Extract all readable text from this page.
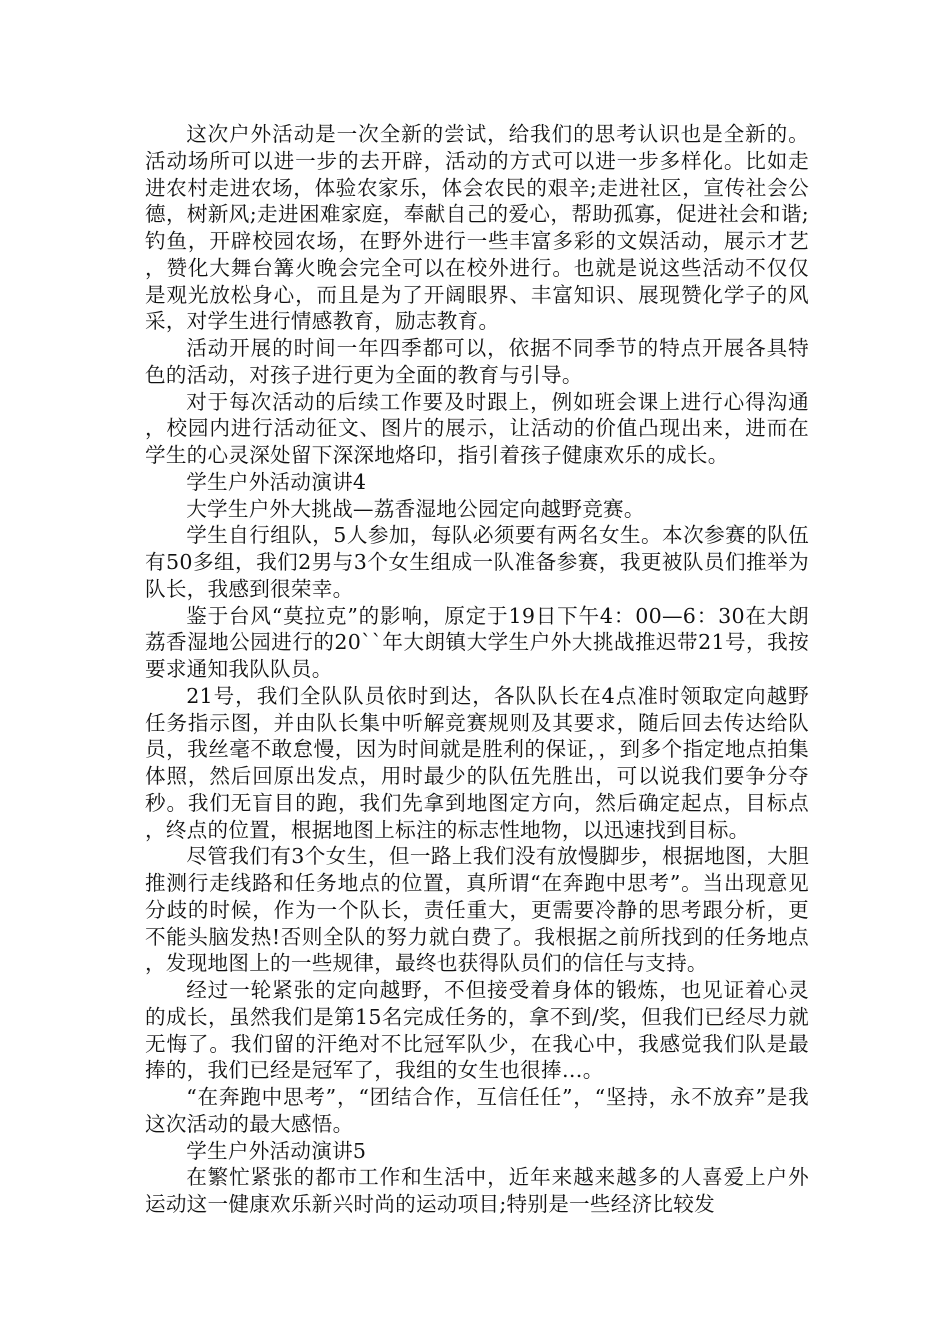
这次户外活动是一次全新的尝试，给我们的思考认识也是全新的。活动场所可以进一步的去开辟，活动的方式可以进一步多样化。比如走进农村走进农场，体验农家乐，体会农民的艰辛;走进社区，宣传社会公德，树新风;走进困难家庭，奉献自己的爱心，帮助孤寡，促进社会和谐;钓鱼，开辟校园农场，在野外进行一些丰富多彩的文娱活动，展示才艺，赞化大舞台篝火晚会完全可以在校外进行。也就是说这些活动不仅仅是观光放松身心，而且是为了开阔眼界、丰富知识、展现赞化学子的风采，对学生进行情感教育，励志教育。

活动开展的时间一年四季都可以，依据不同季节的特点开展各具特色的活动，对孩子进行更为全面的教育与引导。

对于每次活动的后续工作要及时跟上，例如班会课上进行心得沟通，校园内进行活动征文、图片的展示，让活动的价值凸现出来，进而在学生的心灵深处留下深深地烙印，指引着孩子健康欢乐的成长。

学生户外活动演讲4

大学生户外大挑战—荔香湿地公园定向越野竞赛。

学生自行组队，5人参加，每队必须要有两名女生。本次参赛的队伍有50多组，我们2男与3个女生组成一队准备参赛，我更被队员们推举为队长，我感到很荣幸。

鉴于台风“莫拉克”的影响，原定于19日下午4：00—6：30在大朗荔香湿地公园进行的20``年大朗镇大学生户外大挑战推迟带21号，我按要求通知我队队员。

21号，我们全队队员依时到达，各队队长在4点准时领取定向越野任务指示图，并由队长集中听解竞赛规则及其要求，随后回去传达给队员，我丝毫不敢怠慢，因为时间就是胜利的保证，，到多个指定地点拍集体照，然后回原出发点，用时最少的队伍先胜出，可以说我们要争分夺秒。我们无盲目的跑，我们先拿到地图定方向，然后确定起点，目标点，终点的位置，根据地图上标注的标志性地物，以迅速找到目标。

尽管我们有3个女生，但一路上我们没有放慢脚步，根据地图，大胆推测行走线路和任务地点的位置，真所谓“在奔跑中思考”。当出现意见分歧的时候，作为一个队长，责任重大，更需要冷静的思考跟分析，更不能头脑发热!否则全队的努力就白费了。我根据之前所找到的任务地点，发现地图上的一些规律，最终也获得队员们的信任与支持。

经过一轮紧张的定向越野，不但接受着身体的锻炼，也见证着心灵的成长，虽然我们是第15名完成任务的，拿不到/奖，但我们已经尽力就无悔了。我们留的汗绝对不比冠军队少，在我心中，我感觉我们队是最捧的，我们已经是冠军了，我组的女生也很捧…。

“在奔跑中思考”，“团结合作，互信任任”，“坚持，永不放弃”是我这次活动的最大感悟。

学生户外活动演讲5

在繁忙紧张的都市工作和生活中，近年来越来越多的人喜爱上户外运动这一健康欢乐新兴时尚的运动项目;特别是一些经济比较发
